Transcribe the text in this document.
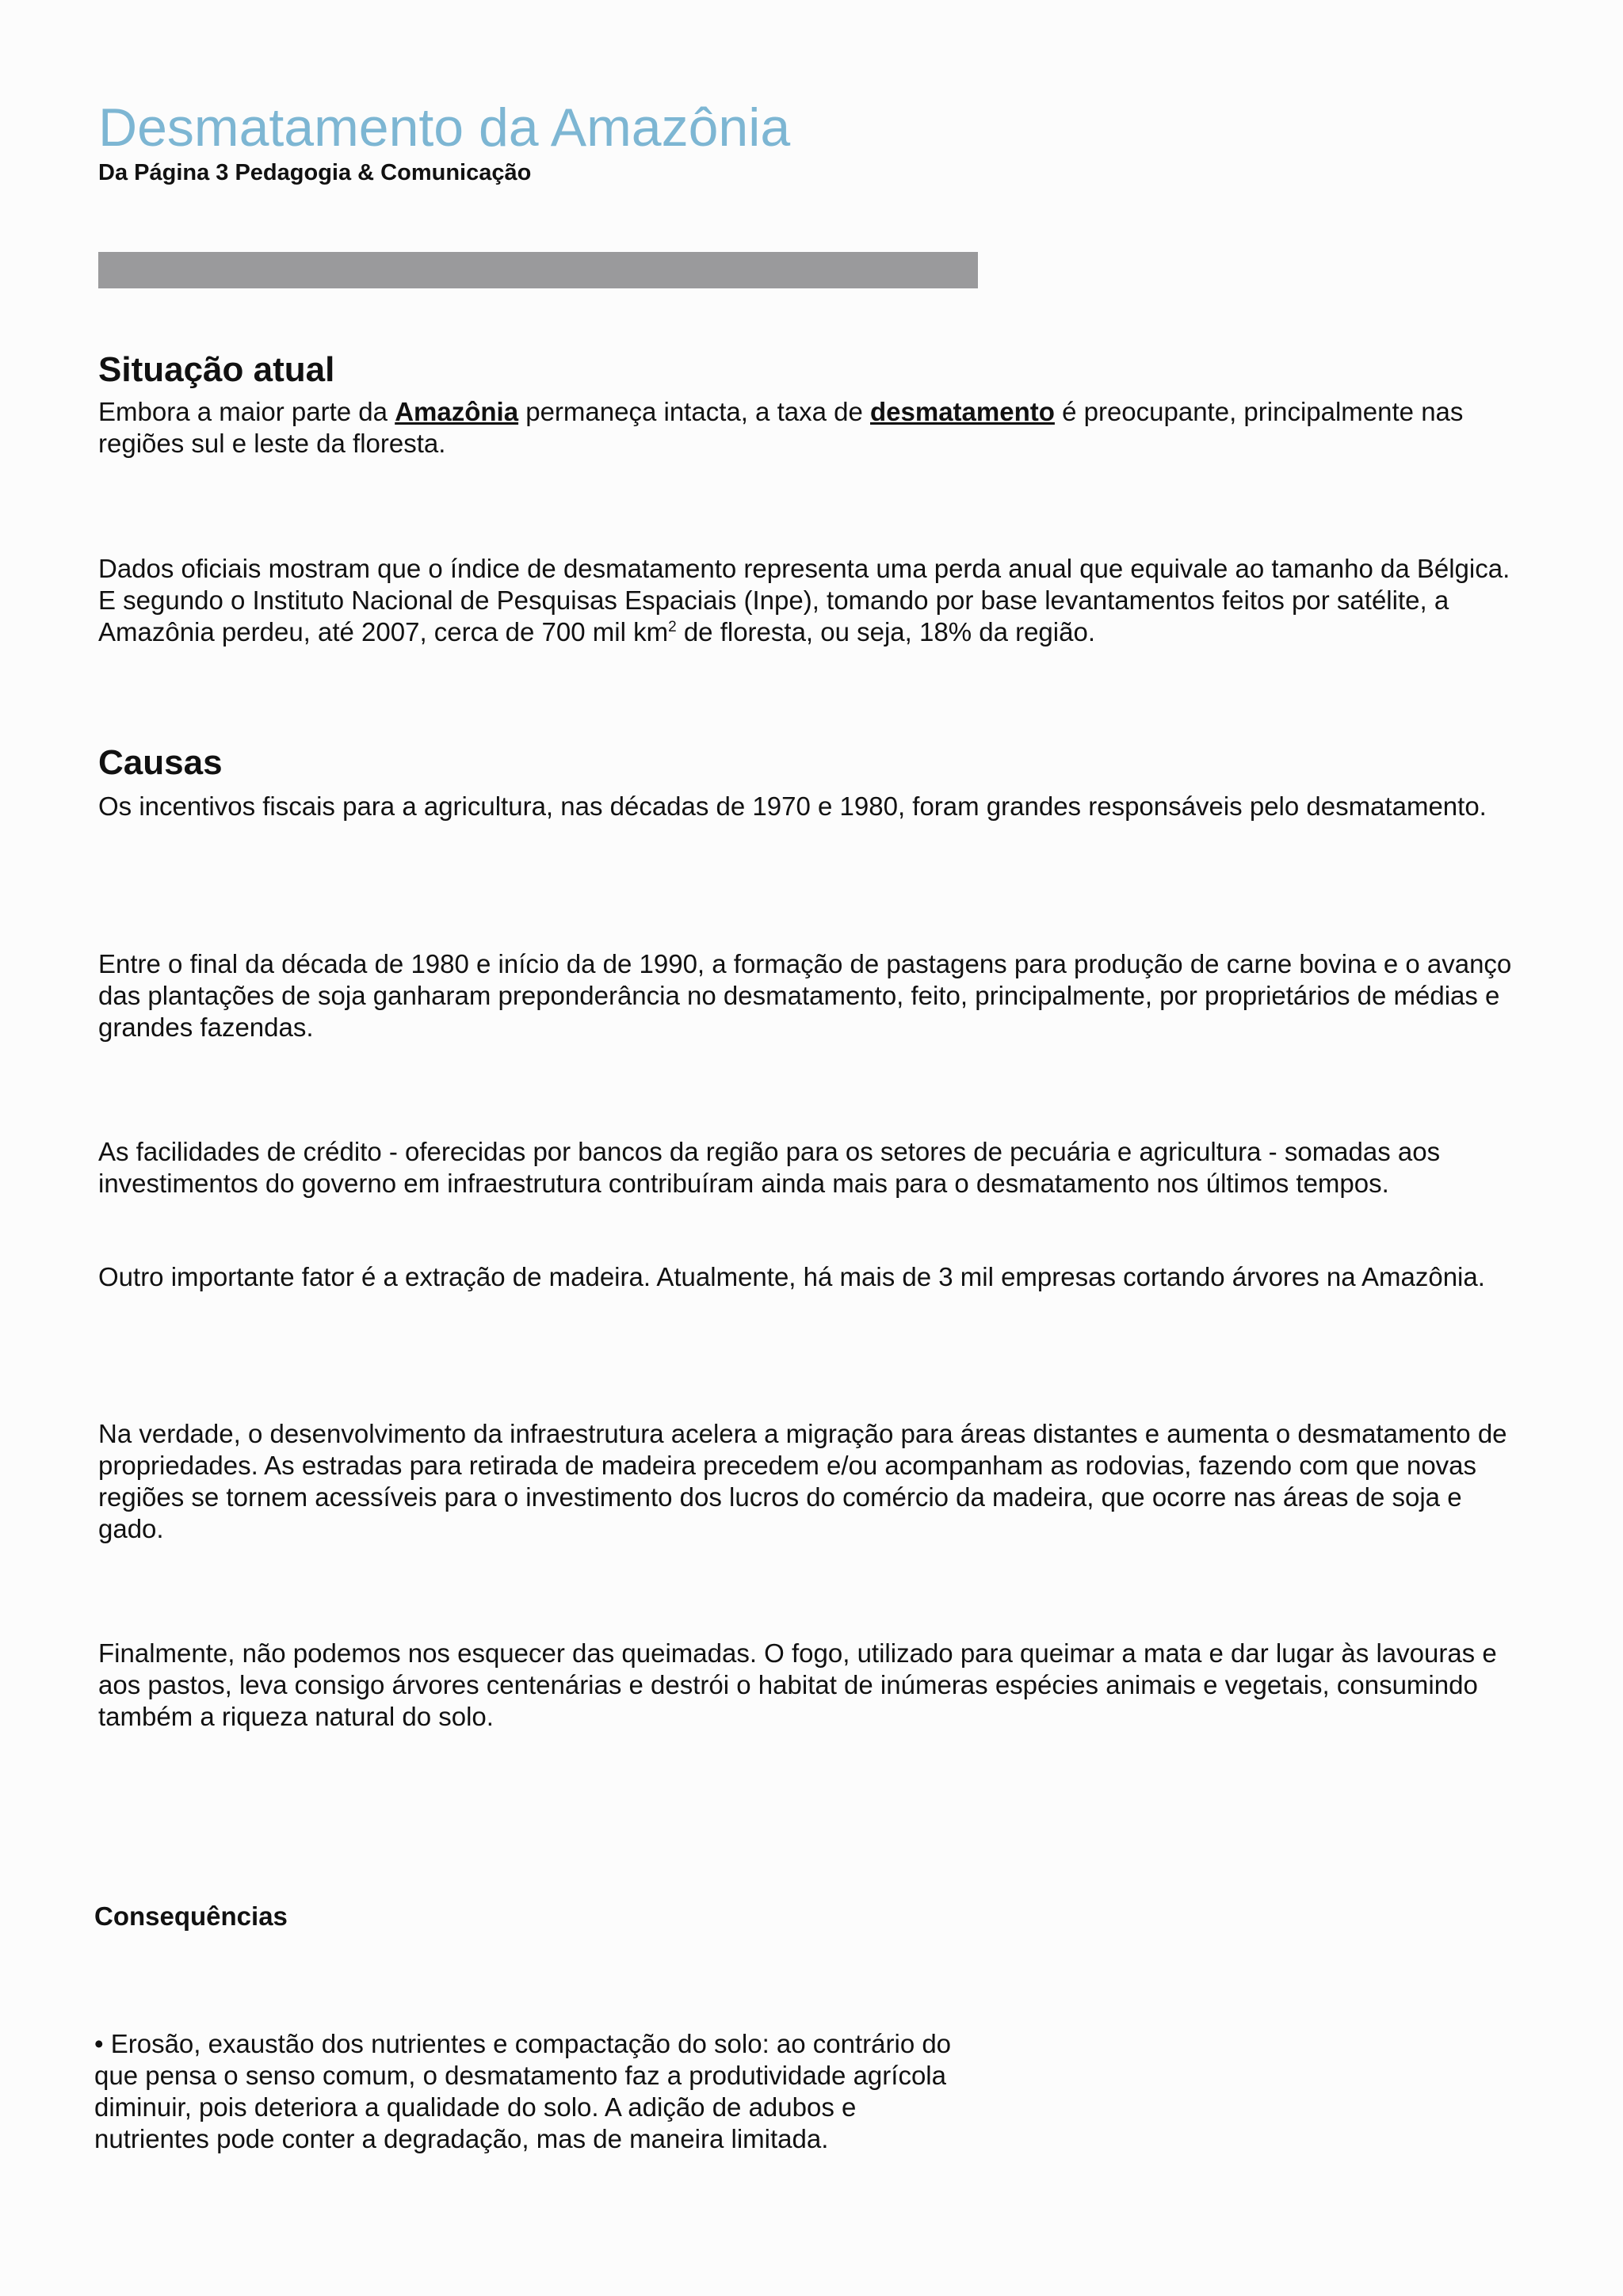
Desmatamento da Amazônia

Da Página 3 Pedagogia & Comunicação

Situação atual

Embora a maior parte da Amazônia permaneça intacta, a taxa de desmatamento é preocupante, principalmente nas regiões sul e leste da floresta.

Dados oficiais mostram que o índice de desmatamento representa uma perda anual que equivale ao tamanho da Bélgica. E segundo o Instituto Nacional de Pesquisas Espaciais (Inpe), tomando por base levantamentos feitos por satélite, a Amazônia perdeu, até 2007, cerca de 700 mil $km^2$ de floresta, ou seja, 18% da região.

Causas

Os incentivos fiscais para a agricultura, nas décadas de 1970 e 1980, foram grandes responsáveis pelo desmatamento.

Entre o final da década de 1980 e início da de 1990, a formação de pastagens para produção de carne bovina e o avanço das plantações de soja ganharam preponderância no desmatamento, feito, principalmente, por proprietários de médias e grandes fazendas.

As facilidades de crédito - oferecidas por bancos da região para os setores de pecuária e agricultura - somadas aos investimentos do governo em infraestrutura contribuíram ainda mais para o desmatamento nos últimos tempos.

Outro importante fator é a extração de madeira. Atualmente, há mais de 3 mil empresas cortando árvores na Amazônia.

Na verdade, o desenvolvimento da infraestrutura acelera a migração para áreas distantes e aumenta o desmatamento de propriedades. As estradas para retirada de madeira precedem e/ou acompanham as rodovias, fazendo com que novas regiões se tornem acessíveis para o investimento dos lucros do comércio da madeira, que ocorre nas áreas de soja e gado.

Finalmente, não podemos nos esquecer das queimadas. O fogo, utilizado para queimar a mata e dar lugar às lavouras e aos pastos, leva consigo árvores centenárias e destrói o habitat de inúmeras espécies animais e vegetais, consumindo também a riqueza natural do solo.

Consequências

• Erosão, exaustão dos nutrientes e compactação do solo: ao contrário do que pensa o senso comum, o desmatamento faz a produtividade agrícola diminuir, pois deteriora a qualidade do solo. A adição de adubos e nutrientes pode conter a degradação, mas de maneira limitada.
